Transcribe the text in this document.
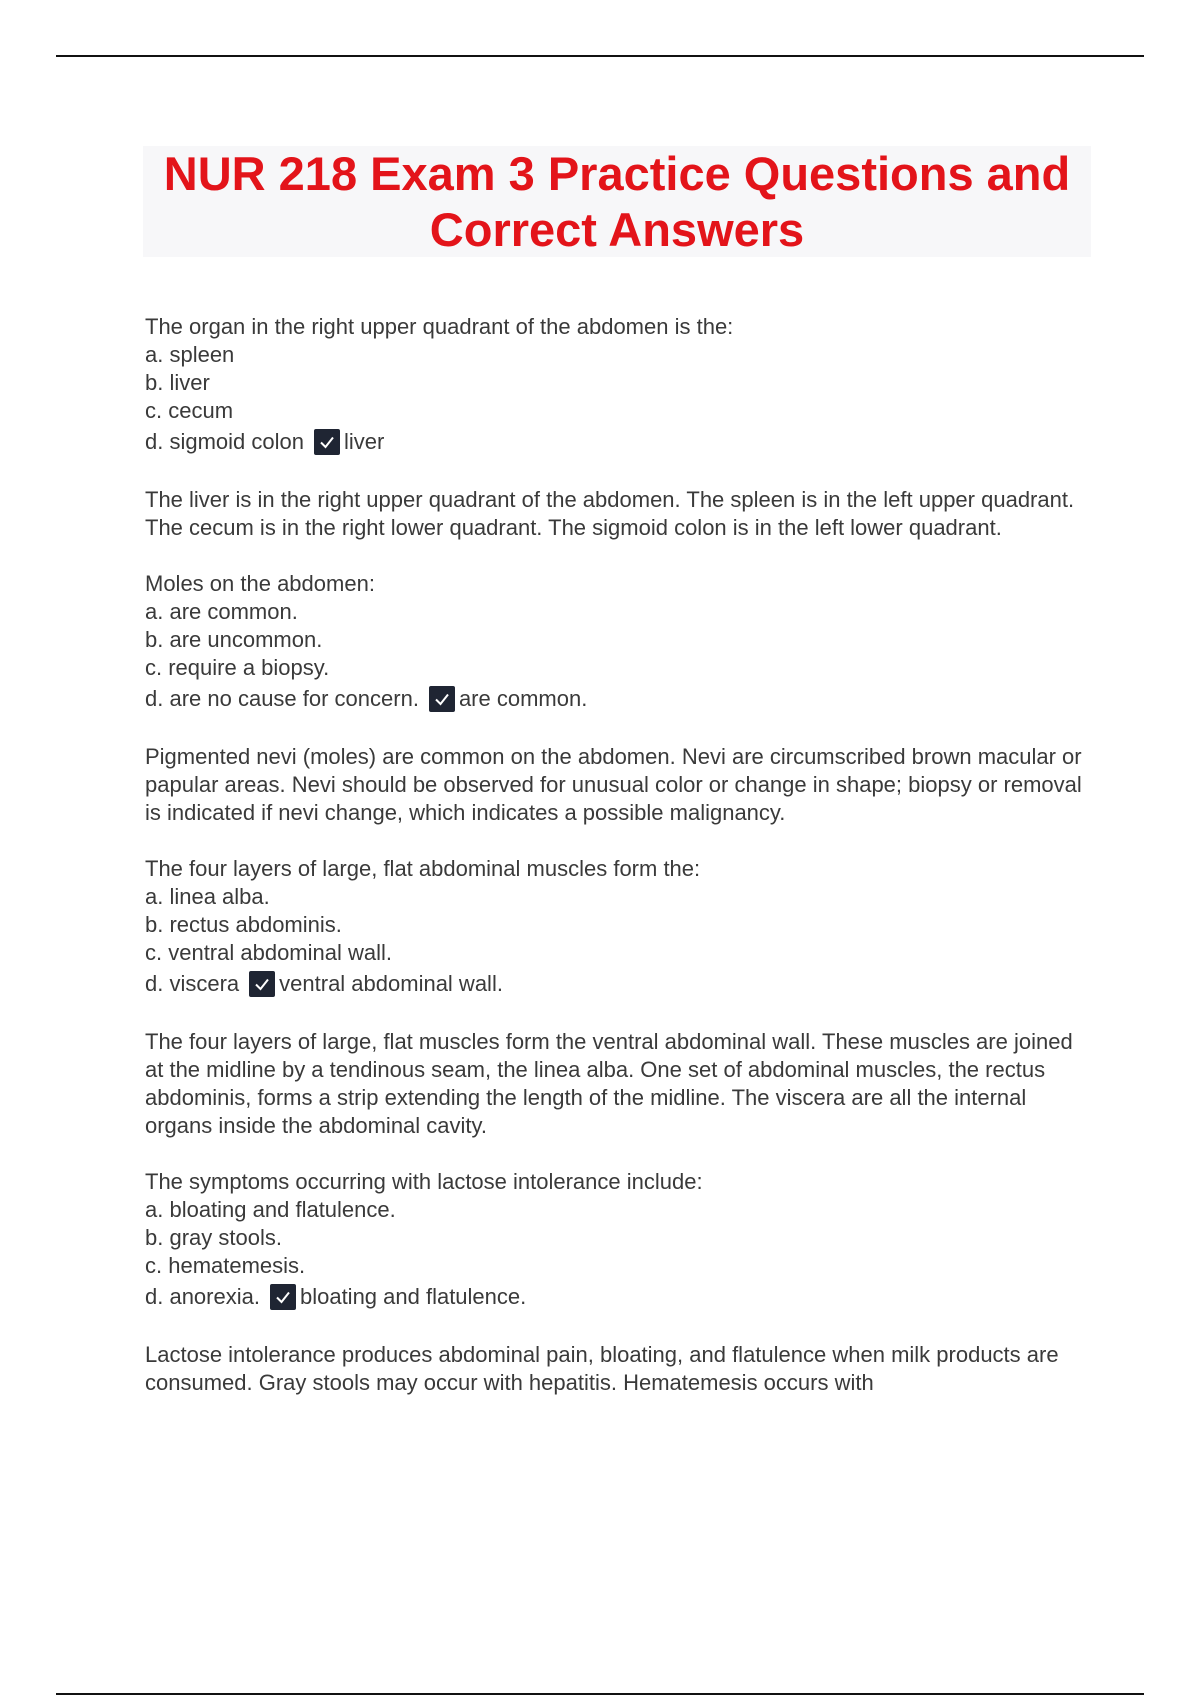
NUR 218 Exam 3 Practice Questions and Correct Answers

The organ in the right upper quadrant of the abdomen is the:

a. spleen

b. liver

c. cecum

d. sigmoid colon liver

The liver is in the right upper quadrant of the abdomen. The spleen is in the left upper quadrant. The cecum is in the right lower quadrant. The sigmoid colon is in the left lower quadrant.

Moles on the abdomen:

a. are common.

b. are uncommon.

c. require a biopsy.

d. are no cause for concern. are common.

Pigmented nevi (moles) are common on the abdomen. Nevi are circumscribed brown macular or papular areas. Nevi should be observed for unusual color or change in shape; biopsy or removal is indicated if nevi change, which indicates a possible malignancy.

The four layers of large, flat abdominal muscles form the:

a. linea alba.

b. rectus abdominis.

c. ventral abdominal wall.

d. viscera ventral abdominal wall.

The four layers of large, flat muscles form the ventral abdominal wall. These muscles are joined at the midline by a tendinous seam, the linea alba. One set of abdominal muscles, the rectus abdominis, forms a strip extending the length of the midline. The viscera are all the internal organs inside the abdominal cavity.

The symptoms occurring with lactose intolerance include:

a. bloating and flatulence.

b. gray stools.

c. hematemesis.

d. anorexia. bloating and flatulence.

Lactose intolerance produces abdominal pain, bloating, and flatulence when milk products are consumed. Gray stools may occur with hepatitis. Hematemesis occurs with
